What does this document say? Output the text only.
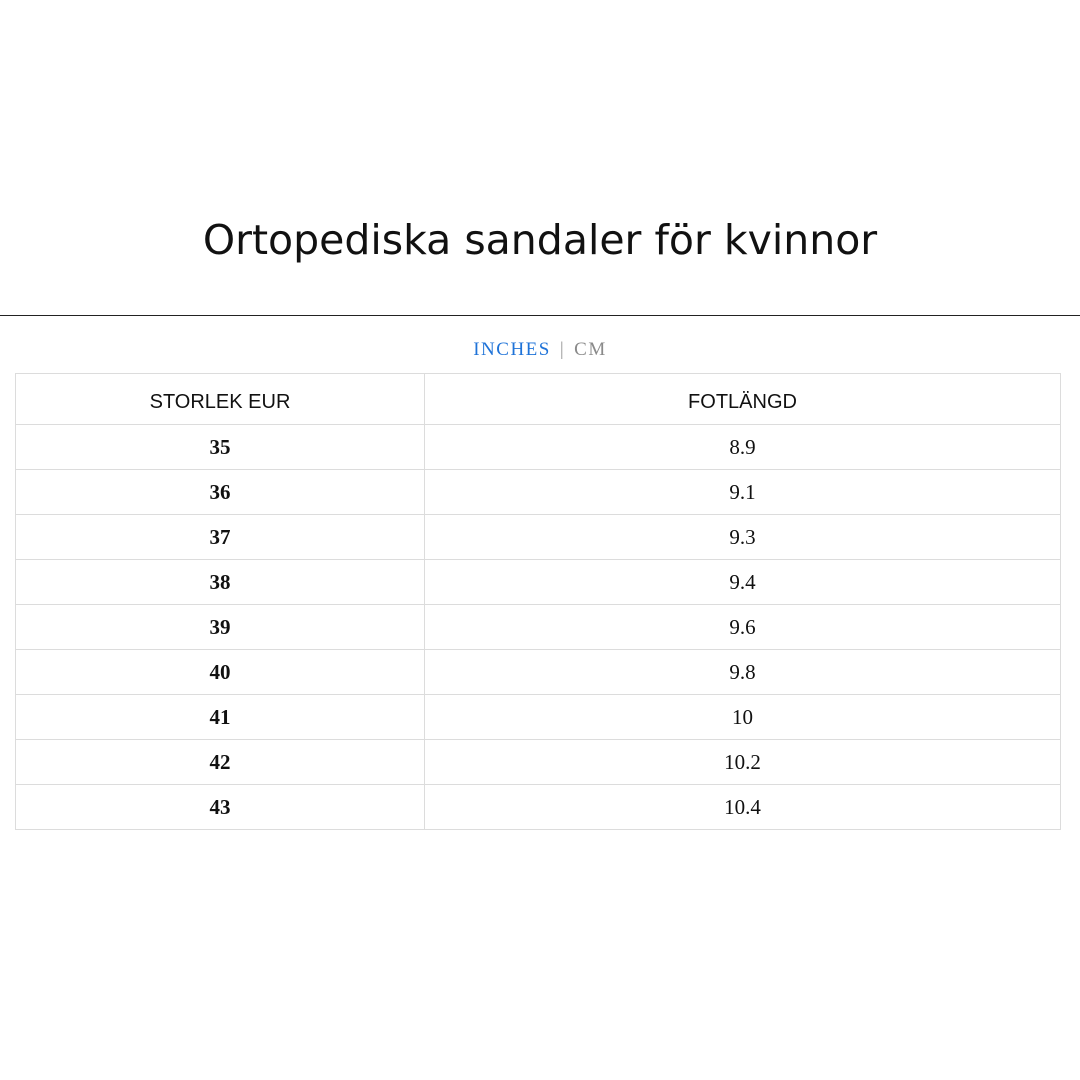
Ortopediska sandaler för kvinnor
INCHES | CM
STORLEK EUR	FOTLÄNGD
35	8.9
36	9.1
37	9.3
38	9.4
39	9.6
40	9.8
41	10
42	10.2
43	10.4
